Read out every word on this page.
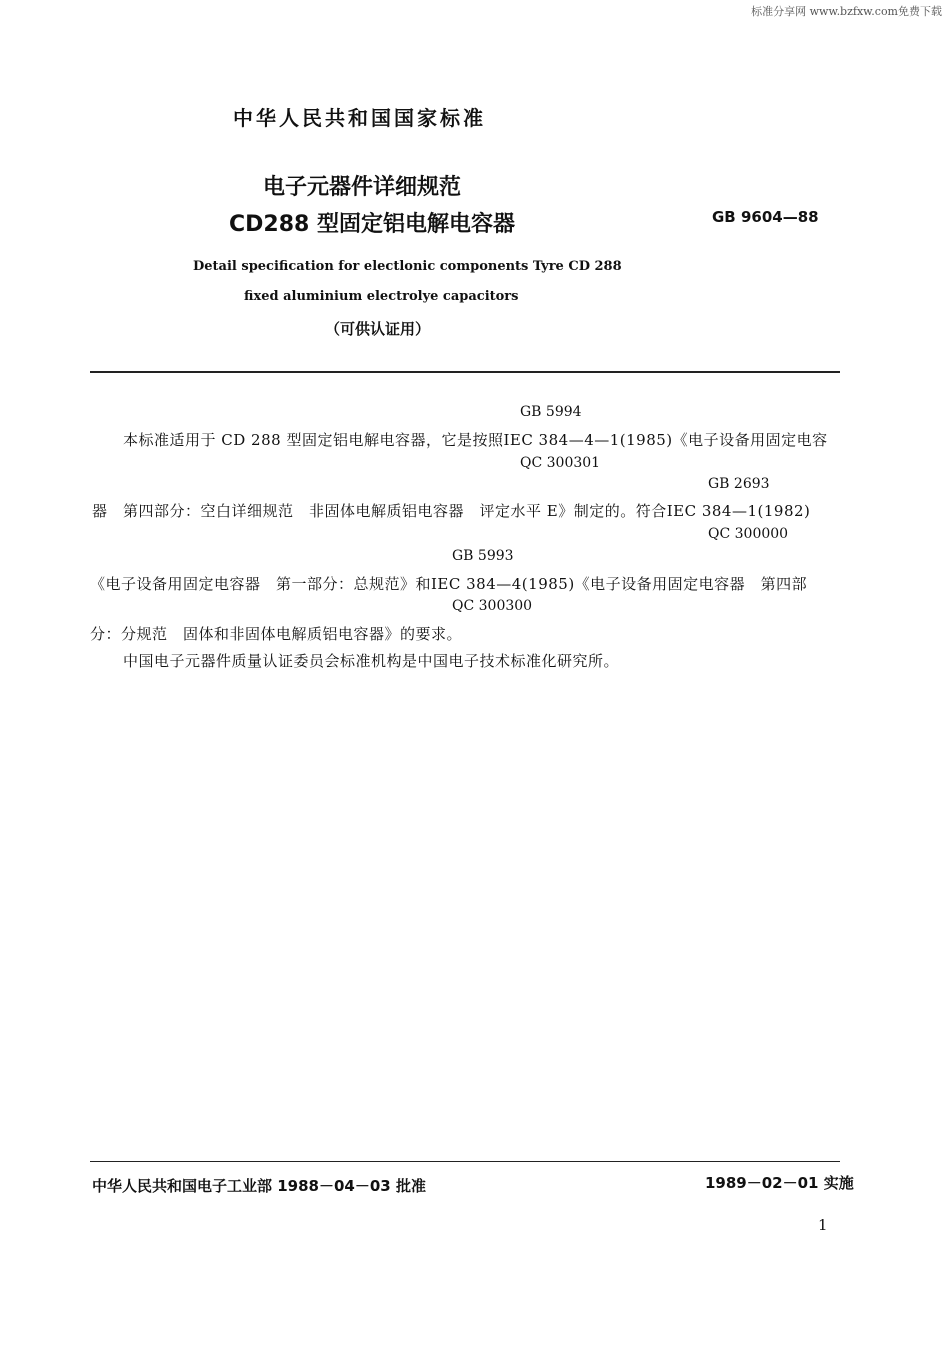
标准分享网 www.bzfxw.com免费下载
中华人民共和国国家标准
电子元器件详细规范
CD288 型固定铝电解电容器	GB 9604—88
Detail specification for electlonic components Tyre CD 288
fixed aluminium electrolye capacitors
（可供认证用）
GB 5994
本标准适用于 CD 288 型固定铝电解电容器，它是按照IEC 384—4—1(1985)《电子设备用固定电容
QC 300301
GB 2693
器　第四部分：空白详细规范　非固体电解质铝电容器　评定水平 E》制定的。符合IEC 384—1(1982)
QC 300000
GB 5993
《电子设备用固定电容器　第一部分：总规范》和IEC 384—4(1985)《电子设备用固定电容器　第四部
QC 300300
分：分规范　固体和非固体电解质铝电容器》的要求。
中国电子元器件质量认证委员会标准机构是中国电子技术标准化研究所。
中华人民共和国电子工业部 1988－04－03 批准	1989－02－01 实施
1
